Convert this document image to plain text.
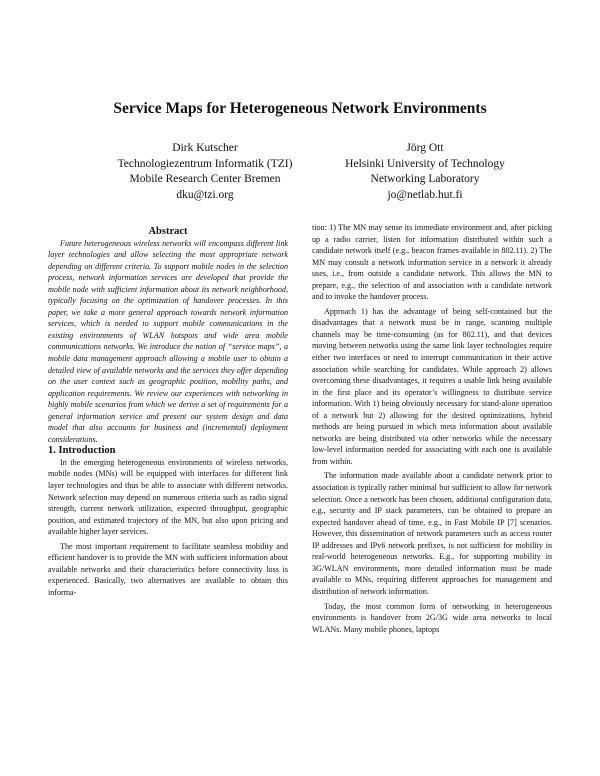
Service Maps for Heterogeneous Network Environments
Dirk Kutscher
Technologiezentrum Informatik (TZI)
Mobile Research Center Bremen
dku@tzi.org
Jörg Ott
Helsinki University of Technology
Networking Laboratory
jo@netlab.hut.fi

Abstract

Future heterogeneous wireless networks will encompass different link layer technologies and allow selecting the most appropriate network depending on different criteria. To support mobile nodes in the selection process, network information services are developed that provide the mobile node with sufficient information about its network neighborhood, typically focusing on the optimization of handover processes. In this paper, we take a more general approach towards network information services, which is needed to support mobile communications in the existing environments of WLAN hotspots and wide area mobile communications networks. We introduce the notion of “service maps”, a mobile data management approach allowing a mobile user to obtain a detailed view of available networks and the services they offer depending on the user context such as geographic position, mobility paths, and application requirements. We review our experiences with networking in highly mobile scenarios from which we derive a set of requirements for a general information service and present our system design and data model that also accounts for business and (incremental) deployment considerations.

1. Introduction

In the emerging heterogeneous environments of wireless networks, mobile nodes (MNs) will be equipped with interfaces for different link layer technologies and thus be able to associate with different networks. Network selection may depend on numerous criteria such as radio signal strength, current network utilization, expected throughput, geographic position, and estimated trajectory of the MN, but also upon pricing and available higher layer services.

The most important requirement to facilitate seamless mobility and efficient handover is to provide the MN with sufficient information about available networks and their characteristics before connectivity loss is experienced. Basically, two alternatives are available to obtain this informa-

tion: 1) The MN may sense its immediate environment and, after picking up a radio carrier, listen for information distributed within such a candidate network itself (e.g., beacon frames available in 802.11). 2) The MN may consult a network information service in a network it already uses, i.e., from outside a candidate network. This allows the MN to prepare, e.g., the selection of and association with a candidate network and to invoke the handover process.

Approach 1) has the advantage of being self-contained but the disadvantages that a network must be in range, scanning multiple channels may be time-consuming (as for 802.11), and that devices moving between networks using the same link layer technologies require either two interfaces or need to interrupt communication in their active association while searching for candidates. While approach 2) allows overcoming these disadvantages, it requires a usable link being available in the first place and its operator’s willingness to distribute service information. With 1) being obviously necessary for stand-alone operation of a network but 2) allowing for the desired optimizations, hybrid methods are being pursued in which meta information about available networks are being distributed via other networks while the necessary low-level information needed for associating with each one is available from within.

The information made available about a candidate network prior to association is typically rather minimal but sufficient to allow for network selection. Once a network has been chosen, additional configuration data, e.g., security and IP stack parameters, can be obtained to prepare an expected handover ahead of time, e.g., in Fast Mobile IP [7] scenarios. However, this dissemination of network parameters such as access router IP addresses and IPv6 network prefixes, is not sufficient for mobility in real-world heterogeneous networks. E.g., for supporting mobility in 3G/WLAN environments, more detailed information must be made available to MNs, requiring different approaches for management and distribution of network information.

Today, the most common form of networking in heterogeneous environments is handover from 2G/3G wide area networks to local WLANs. Many mobile phones, laptops
